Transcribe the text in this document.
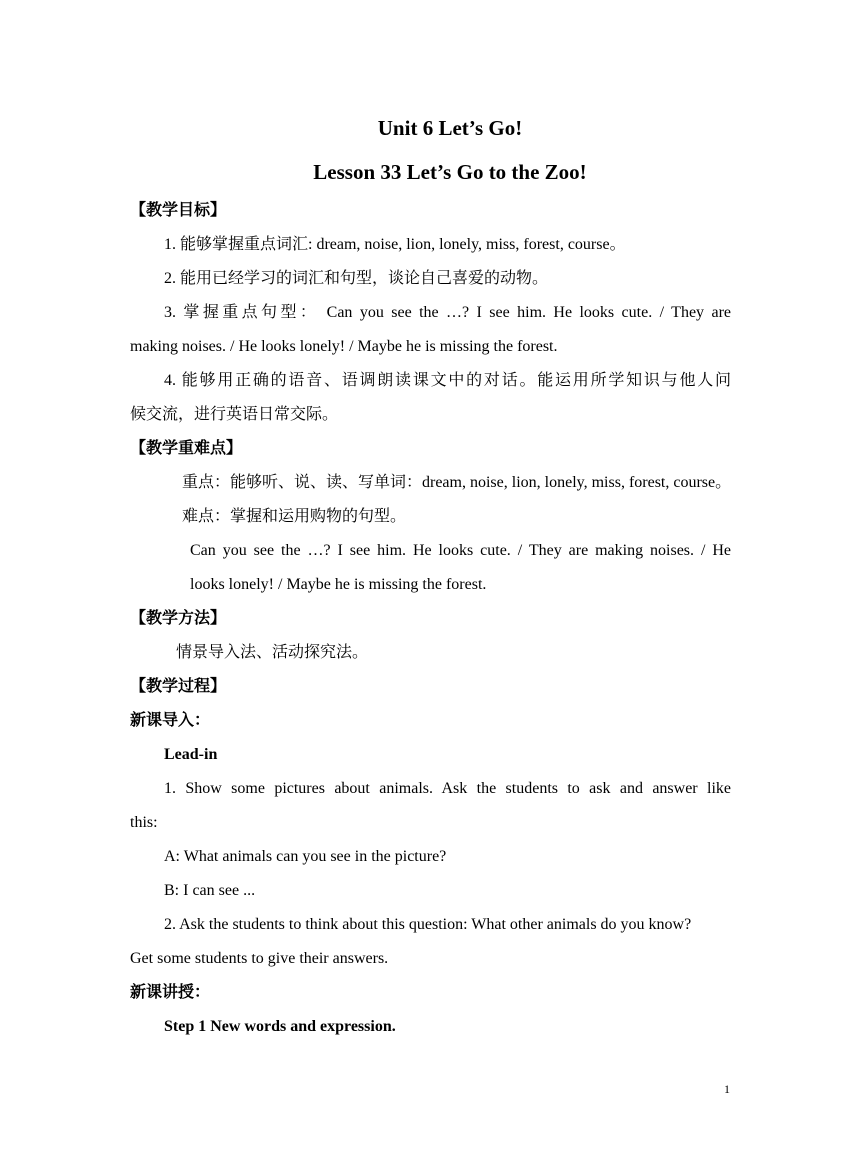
Unit 6 Let’s Go!
Lesson 33 Let’s Go to the Zoo!
【教学目标】
1. 能够掌握重点词汇: dream, noise, lion, lonely, miss, forest, course。
2. 能用已经学习的词汇和句型，谈论自己喜爱的动物。
3. 掌握重点句型： Can you see the …? I see him. He looks cute. / They are
making noises. / He looks lonely! / Maybe he is missing the forest.
4. 能够用正确的语音、语调朗读课文中的对话。能运用所学知识与他人问
候交流，进行英语日常交际。
【教学重难点】
重点：能够听、说、读、写单词：dream, noise, lion, lonely, miss, forest, course。
难点：掌握和运用购物的句型。
Can you see the …? I see him. He looks cute. / They are making noises. / He
looks lonely! / Maybe he is missing the forest.
【教学方法】
情景导入法、活动探究法。
【教学过程】
新课导入：
Lead-in
1. Show some pictures about animals. Ask the students to ask and answer like
this:
A: What animals can you see in the picture?
B: I can see ...
2. Ask the students to think about this question: What other animals do you know?
Get some students to give their answers.
新课讲授：
Step 1 New words and expression.
1
